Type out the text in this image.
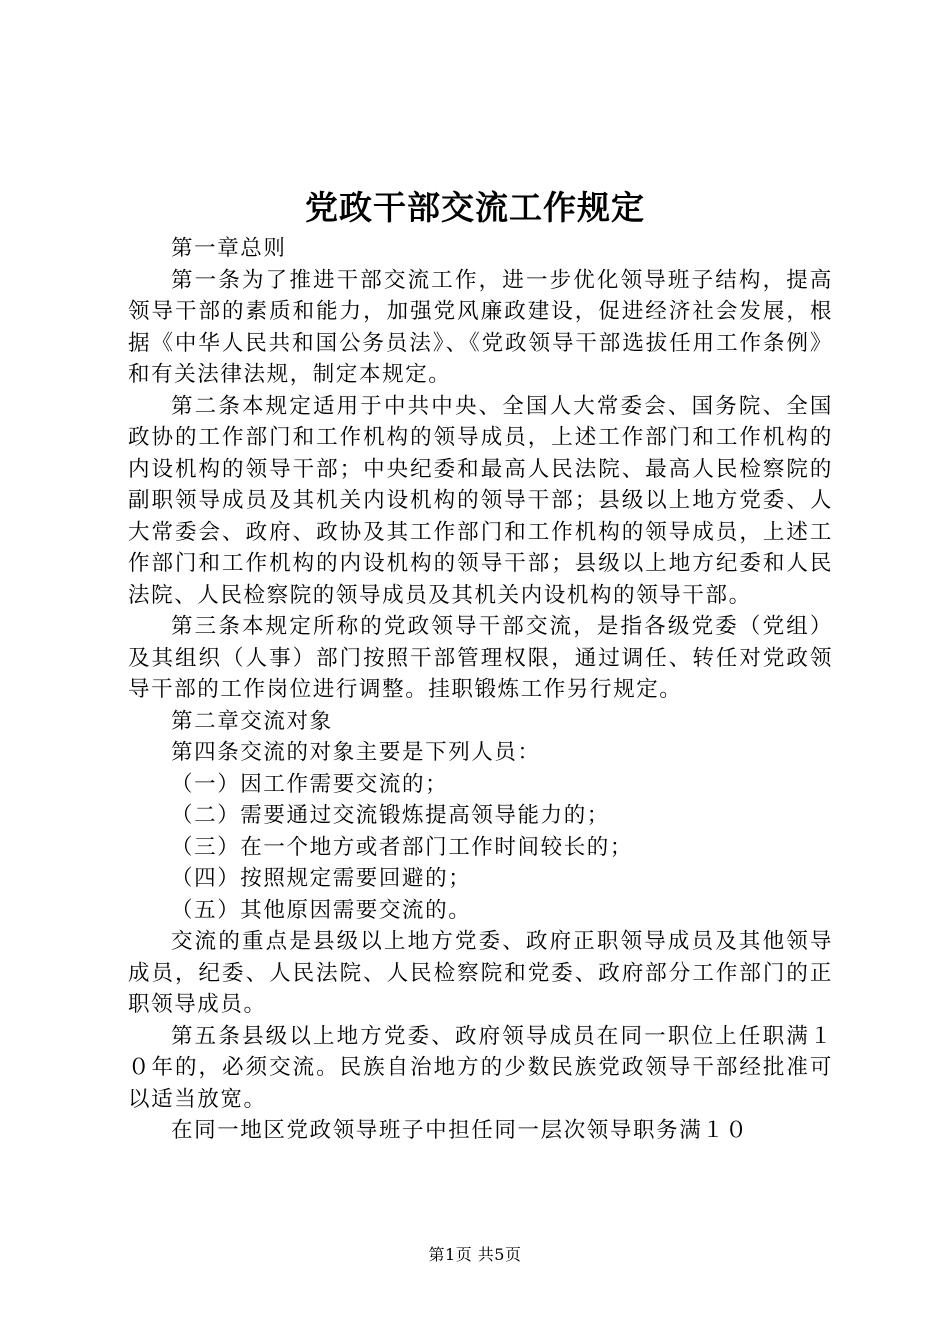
党政干部交流工作规定

第一章总则

第一条为了推进干部交流工作，进一步优化领导班子结构，提高领导干部的素质和能力，加强党风廉政建设，促进经济社会发展，根据《中华人民共和国公务员法》、《党政领导干部选拔任用工作条例》和有关法律法规，制定本规定。

第二条本规定适用于中共中央、全国人大常委会、国务院、全国政协的工作部门和工作机构的领导成员，上述工作部门和工作机构的内设机构的领导干部；中央纪委和最高人民法院、最高人民检察院的副职领导成员及其机关内设机构的领导干部；县级以上地方党委、人大常委会、政府、政协及其工作部门和工作机构的领导成员，上述工作部门和工作机构的内设机构的领导干部；县级以上地方纪委和人民法院、人民检察院的领导成员及其机关内设机构的领导干部。

第三条本规定所称的党政领导干部交流，是指各级党委（党组）及其组织（人事）部门按照干部管理权限，通过调任、转任对党政领导干部的工作岗位进行调整。挂职锻炼工作另行规定。

第二章交流对象

第四条交流的对象主要是下列人员：

（一）因工作需要交流的；

（二）需要通过交流锻炼提高领导能力的；

（三）在一个地方或者部门工作时间较长的；

（四）按照规定需要回避的；

（五）其他原因需要交流的。

交流的重点是县级以上地方党委、政府正职领导成员及其他领导成员，纪委、人民法院、人民检察院和党委、政府部分工作部门的正职领导成员。

第五条县级以上地方党委、政府领导成员在同一职位上任职满１０年的，必须交流。民族自治地方的少数民族党政领导干部经批准可以适当放宽。

在同一地区党政领导班子中担任同一层次领导职务满１０

第1页 共5页
